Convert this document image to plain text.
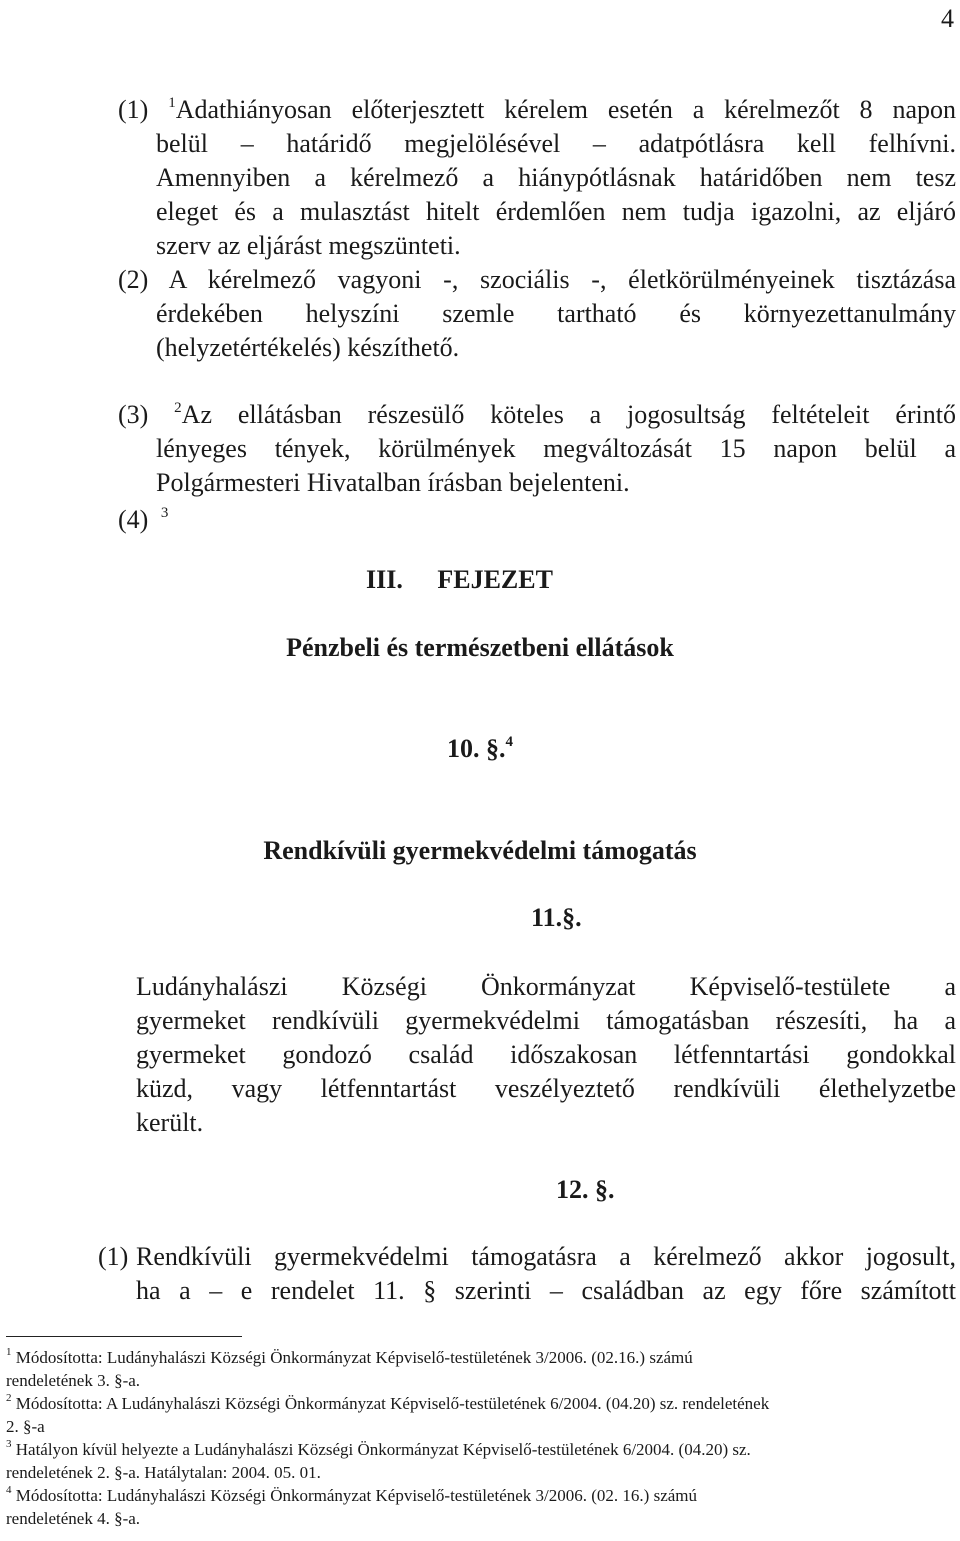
4
(1) $^1$Adathiányosan előterjesztett kérelem esetén a kérelmezőt 8 napon
belül – határidő megjelölésével – adatpótlásra kell felhívni.
Amennyiben a kérelmező a hiánypótlásnak határidőben nem tesz
eleget és a mulasztást hitelt érdemlően nem tudja igazolni, az eljáró
szerv az eljárást megszünteti.
(2) A kérelmező vagyoni -, szociális -, életkörülményeinek tisztázása
érdekében helyszíni szemle tartható és környezettanulmány
(helyzetértékelés) készíthető.
(3) $^2$Az ellátásban részesülő köteles a jogosultság feltételeit érintő
lényeges tények, körülmények megváltozását 15 napon belül a
Polgármesteri Hivatalban írásban bejelenteni.
(4) $^3$
III. FEJEZET
Pénzbeli és természetbeni ellátások
10. §.$^4$
Rendkívüli gyermekvédelmi támogatás
11.§.
Ludányhalászi Községi Önkormányzat Képviselő-testülete a
gyermeket rendkívüli gyermekvédelmi támogatásban részesíti, ha a
gyermeket gondozó család időszakosan létfenntartási gondokkal
küzd, vagy létfenntartást veszélyeztető rendkívüli élethelyzetbe
került.
12. §.
(1) Rendkívüli gyermekvédelmi támogatásra a kérelmező akkor jogosult,
ha a – e rendelet 11. § szerinti – családban az egy főre számított
$^1$ Módosította: Ludányhalászi Községi Önkormányzat Képviselő-testületének 3/2006. (02.16.) számú
rendeletének 3. §-a.
$^2$ Módosította: A Ludányhalászi Községi Önkormányzat Képviselő-testületének 6/2004. (04.20) sz. rendeletének
2. §-a
$^3$ Hatályon kívül helyezte a Ludányhalászi Községi Önkormányzat Képviselő-testületének 6/2004. (04.20) sz.
rendeletének 2. §-a. Hatálytalan: 2004. 05. 01.
$^4$ Módosította: Ludányhalászi Községi Önkormányzat Képviselő-testületének 3/2006. (02. 16.) számú
rendeletének 4. §-a.
